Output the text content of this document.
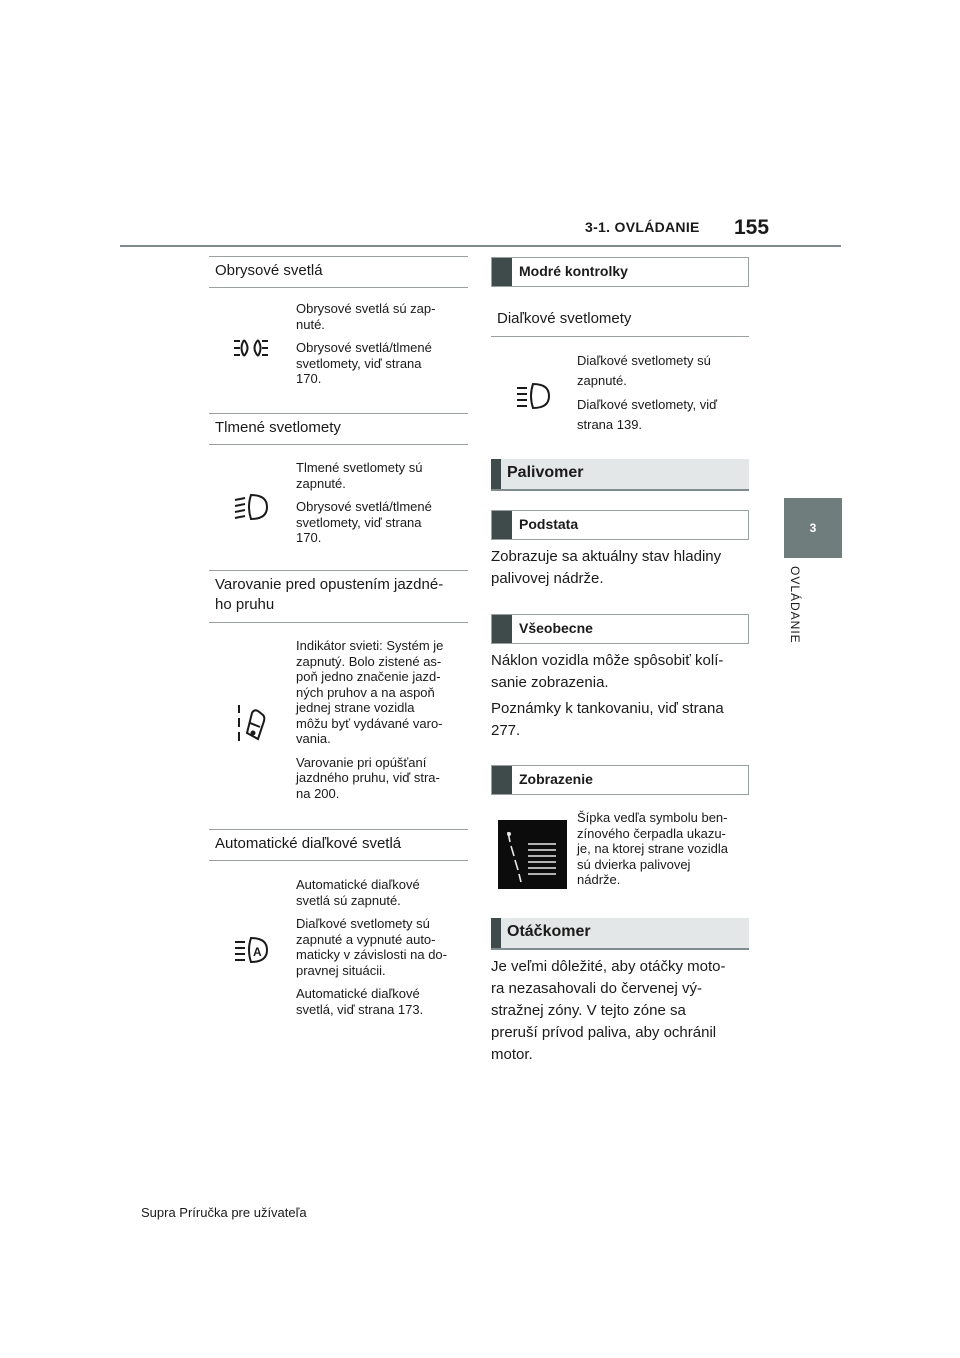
3-1. OVLÁDANIE 155
3
OVLÁDANIE
Obrysové svetlá
Obrysové svetlá sú zap-
nuté.
Obrysové svetlá/tlmené
svetlomety, viď strana
170.
Tlmené svetlomety
Tlmené svetlomety sú
zapnuté.
Obrysové svetlá/tlmené
svetlomety, viď strana
170.
Varovanie pred opustením jazdné-
ho pruhu
Indikátor svieti: Systém je
zapnutý. Bolo zistené as-
poň jedno značenie jazd-
ných pruhov a na aspoň
jednej strane vozidla
môžu byť vydávané varo-
vania.
Varovanie pri opúšťaní
jazdného pruhu, viď stra-
na 200.
Automatické diaľkové svetlá
A
Automatické diaľkové
svetlá sú zapnuté.
Diaľkové svetlomety sú
zapnuté a vypnuté auto-
maticky v závislosti na do-
pravnej situácii.
Automatické diaľkové
svetlá, viď strana 173.
Modré kontrolky
Diaľkové svetlomety
Diaľkové svetlomety sú
zapnuté.
Diaľkové svetlomety, viď
strana 139.
Palivomer
Podstata
Zobrazuje sa aktuálny stav hladiny
palivovej nádrže.
Všeobecne
Náklon vozidla môže spôsobiť kolí-
sanie zobrazenia.
Poznámky k tankovaniu, viď strana
277.
Zobrazenie
Šípka vedľa symbolu ben-
zínového čerpadla ukazu-
je, na ktorej strane vozidla
sú dvierka palivovej
nádrže.
Otáčkomer
Je veľmi dôležité, aby otáčky moto-
ra nezasahovali do červenej vý-
stražnej zóny. V tejto zóne sa
preruší prívod paliva, aby ochránil
motor.
Supra Príručka pre užívateľa
